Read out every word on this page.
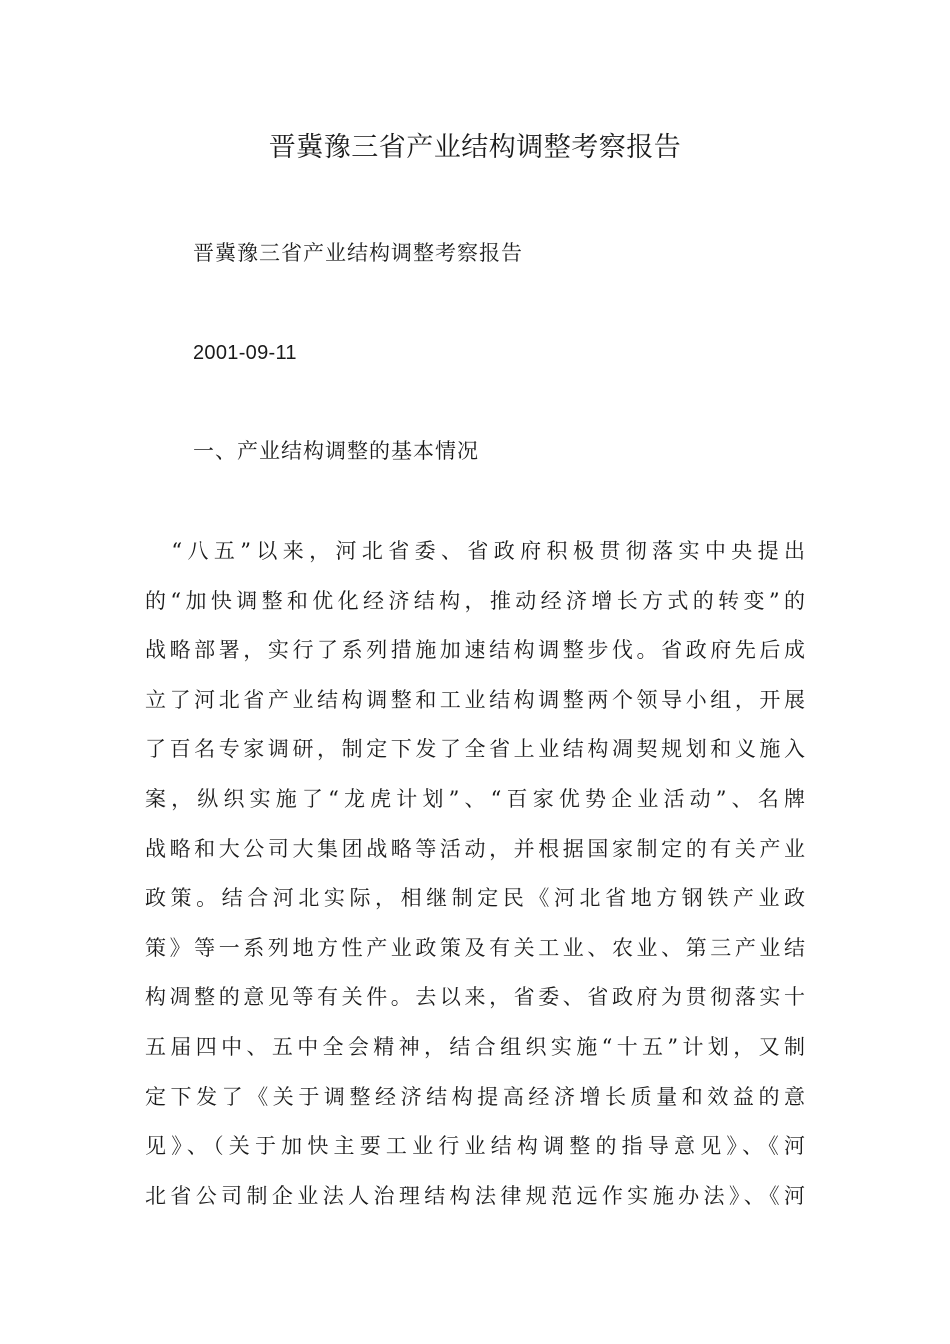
晋冀豫三省产业结构调整考察报告
晋冀豫三省产业结构调整考察报告
2001-09-11
一、产业结构调整的基本情况
　“八五”以来，河北省委、省政府积极贯彻落实中央提出
的“加快调整和优化经济结构，推动经济增长方式的转变”的
战略部署，实行了系列措施加速结构调整步伐。省政府先后成
立了河北省产业结构调整和工业结构调整两个领导小组，开展
了百名专家调研，制定下发了全省上业结构凋契规划和义施入
案，纵织实施了“龙虎计划”、“百家优势企业活动”、名牌
战略和大公司大集团战略等活动，并根据国家制定的有关产业
政策。结合河北实际，相继制定民《河北省地方钢铁产业政
策》等一系列地方性产业政策及有关工业、农业、第三产业结
构凋整的意见等有关件。去以来，省委、省政府为贯彻落实十
五届四中、五中全会精神，结合组织实施“十五”计划，又制
定下发了《关于调整经济结构提高经济增长质量和效益的意
见》、（关于加快主要工业行业结构调整的指导意见》、《河
北省公司制企业法人治理结构法律规范远作实施办法》、《河
